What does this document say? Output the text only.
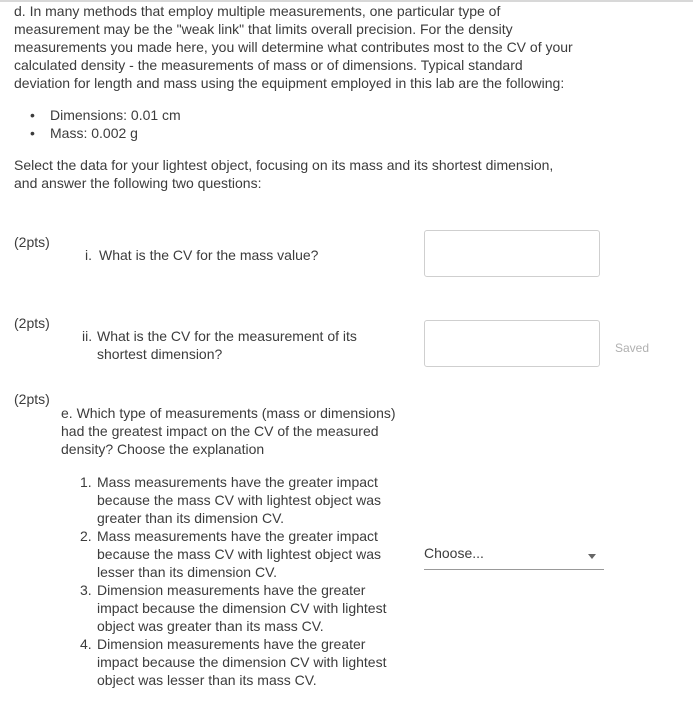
d. In many methods that employ multiple measurements, one particular type of
measurement may be the "weak link" that limits overall precision. For the density
measurements you made here, you will determine what contributes most to the CV of your
calculated density - the measurements of mass or of dimensions. Typical standard
deviation for length and mass using the equipment employed in this lab are the following:
• Dimensions: 0.01 cm
• Mass: 0.002 g
Select the data for your lightest object, focusing on its mass and its shortest dimension,
and answer the following two questions:
(2pts)
i. What is the CV for the mass value?
(2pts)
ii. What is the CV for the measurement of its
shortest dimension?	Saved
(2pts)
e. Which type of measurements (mass or dimensions)
had the greatest impact on the CV of the measured
density? Choose the explanation
1. Mass measurements have the greater impact
because the mass CV with lightest object was
greater than its dimension CV.
2. Mass measurements have the greater impact
because the mass CV with lightest object was
lesser than its dimension CV.
3. Dimension measurements have the greater
impact because the dimension CV with lightest
object was greater than its mass CV.
4. Dimension measurements have the greater
impact because the dimension CV with lightest
object was lesser than its mass CV.
Choose...
